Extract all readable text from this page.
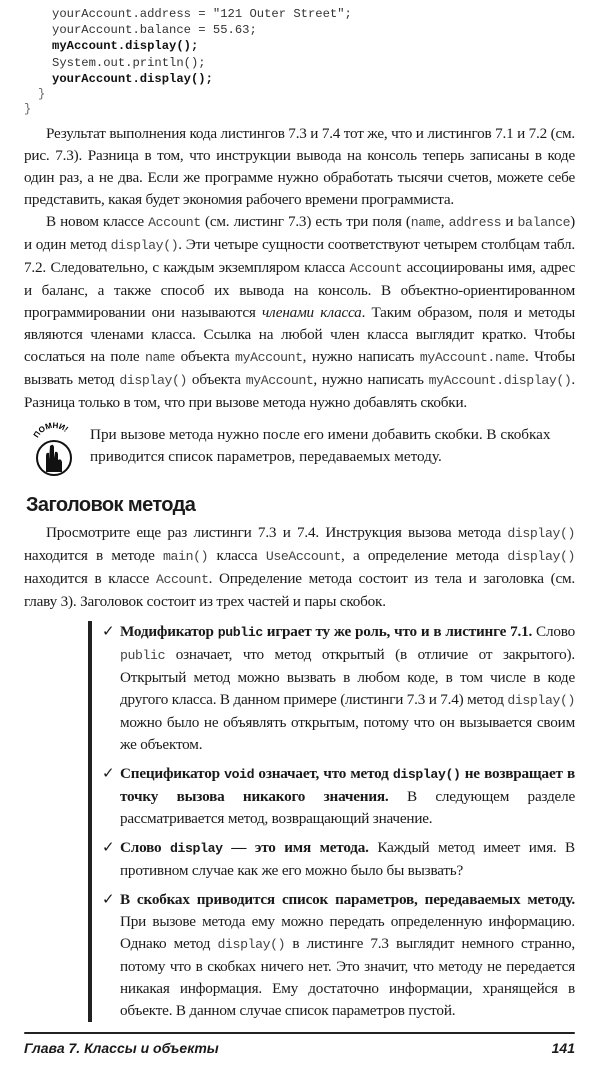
yourAccount.address = "121 Outer Street";
yourAccount.balance = 55.63;
myAccount.display();
System.out.println();
yourAccount.display();
}
}

Результат выполнения кода листингов 7.3 и 7.4 тот же, что и листингов 7.1 и 7.2 (см. рис. 7.3). Разница в том, что инструкции вывода на консоль теперь записаны в коде один раз, а не два. Если же программе нужно обработать тысячи счетов, можете себе представить, какая будет экономия рабочего времени программиста.

В новом классе Account (см. листинг 7.3) есть три поля (name, address и balance) и один метод display(). Эти четыре сущности соответствуют четырем столбцам табл. 7.2. Следовательно, с каждым экземпляром класса Account ассоциированы имя, адрес и баланс, а также способ их вывода на консоль. В объектно-ориентированном программировании они называются членами класса. Таким образом, поля и методы являются членами класса. Ссылка на любой член класса выглядит кратко. Чтобы сослаться на поле name объекта myAccount, нужно написать myAccount.name. Чтобы вызвать метод display() объекта myAccount, нужно написать myAccount.display(). Разница только в том, что при вызове метода нужно добавлять скобки.

ПОМНИ! При вызове метода нужно после его имени добавить скобки. В скобках приводится список параметров, передаваемых методу.
Заголовок метода

Просмотрите еще раз листинги 7.3 и 7.4. Инструкция вызова метода display() находится в методе main() класса UseAccount, а определение метода display() находится в классе Account. Определение метода состоит из тела и заголовка (см. главу 3). Заголовок состоит из трех частей и пары скобок.

✓ Модификатор public играет ту же роль, что и в листинге 7.1. Слово public означает, что метод открытый (в отличие от закрытого). Открытый метод можно вызвать в любом коде, в том числе в коде другого класса. В данном примере (листинги 7.3 и 7.4) метод display() можно было не объявлять открытым, потому что он вызывается своим же объектом.
✓ Спецификатор void означает, что метод display() не возвращает в точку вызова никакого значения. В следующем разделе рассматривается метод, возвращающий значение.
✓ Слово display — это имя метода. Каждый метод имеет имя. В противном случае как же его можно было бы вызвать?
✓ В скобках приводится список параметров, передаваемых методу. При вызове метода ему можно передать определенную информацию. Однако метод display() в листинге 7.3 выглядит немного странно, потому что в скобках ничего нет. Это значит, что методу не передается никакая информация. Ему достаточно информации, хранящейся в объекте. В данном случае список параметров пустой.
Глава 7. Классы и объекты	141
